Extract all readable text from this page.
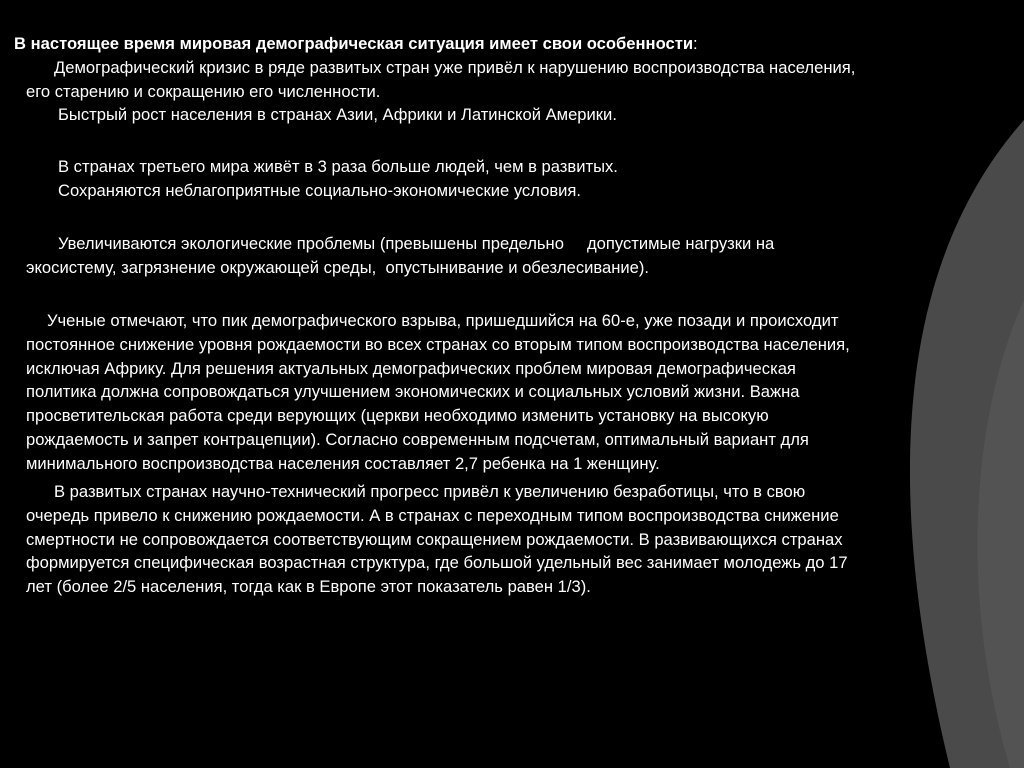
В настоящее время мировая демографическая ситуация имеет свои особенности:

Демографический кризис в ряде развитых стран уже привёл к нарушению воспроизводства населения,

его старению и сокращению его численности.

Быстрый рост населения в странах Азии, Африки и Латинской Америки.

В странах третьего мира живёт в 3 раза больше людей, чем в развитых.

Сохраняются неблагоприятные социально-экономические условия.

Увеличиваются экологические проблемы (превышены предельно     допустимые нагрузки на

экосистему, загрязнение окружающей среды,  опустынивание и обезлесивание).

Ученые отмечают, что пик демографического взрыва, пришедшийся на 60-е, уже позади и происходит

постоянное снижение уровня рождаемости во всех странах со вторым типом воспроизводства населения,

исключая Африку. Для решения актуальных демографических проблем мировая демографическая

политика должна сопровождаться улучшением экономических и социальных условий жизни. Важна

просветительская работа среди верующих (церкви необходимо изменить установку на высокую

рождаемость и запрет контрацепции). Согласно современным подсчетам, оптимальный вариант для

минимального воспроизводства населения составляет 2,7 ребенка на 1 женщину.

В развитых странах научно-технический прогресс привёл к увеличению безработицы, что в свою

очередь привело к снижению рождаемости. А в странах с переходным типом воспроизводства снижение

смертности не сопровождается соответствующим сокращением рождаемости. В развивающихся странах

формируется специфическая возрастная структура, где большой удельный вес занимает молодежь до 17

лет (более 2/5 населения, тогда как в Европе этот показатель равен 1/3).
